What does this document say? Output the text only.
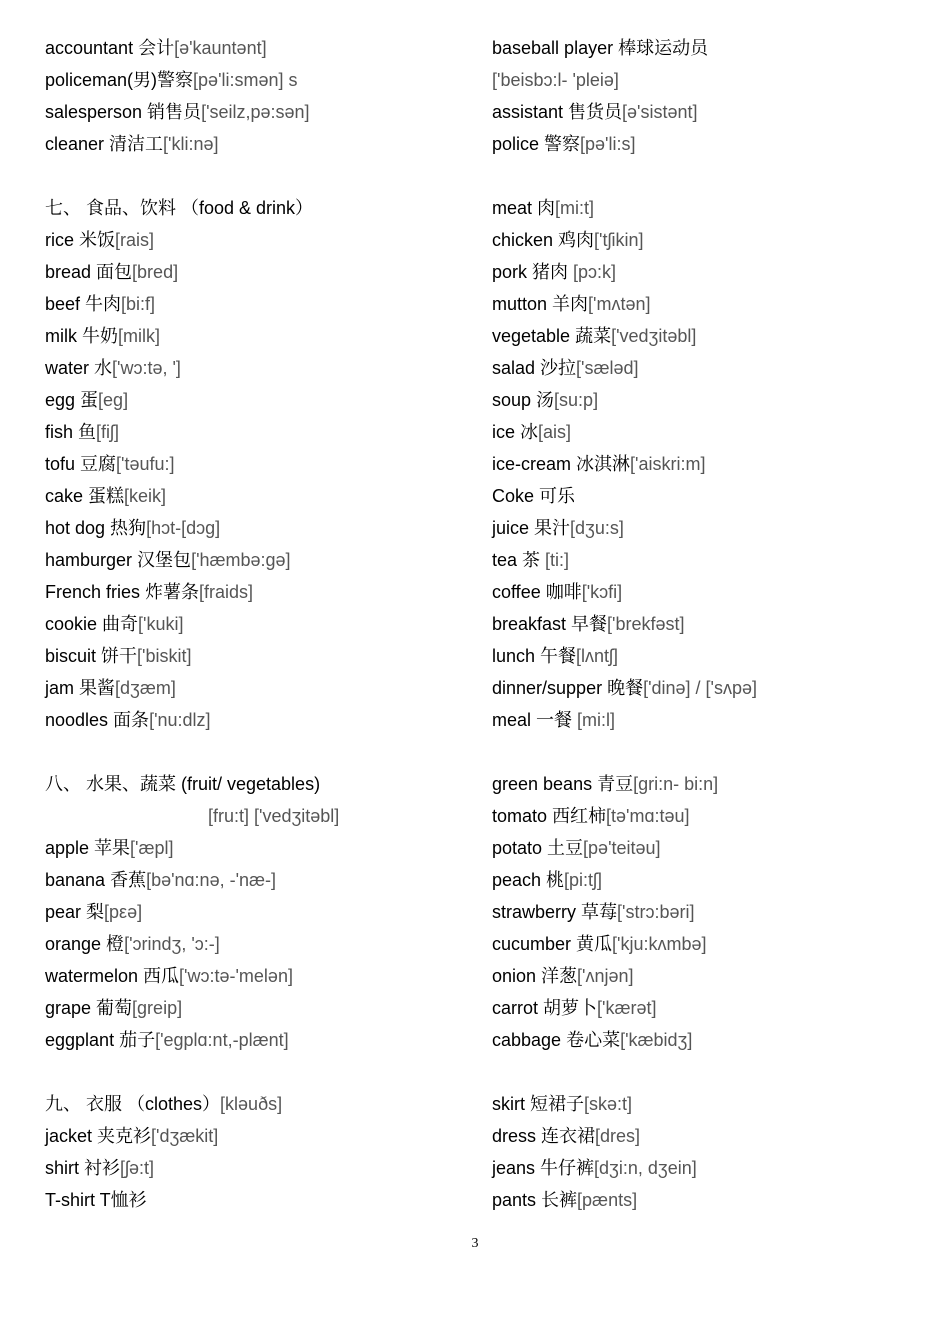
accountant 会计[ə'kauntənt]
policeman(男)警察[pə'li:smən] s
salesperson 销售员['seilz,pə:sən]
cleaner 清洁工['kli:nə]
七、 食品、饮料 （food & drink）
rice 米饭[rais]
bread 面包[bred]
beef 牛肉[bi:f]
milk 牛奶[milk]
water 水['wɔ:tə, ']
egg 蛋[eg]
fish 鱼[fiʃ]
tofu 豆腐['təufu:]
cake 蛋糕[keik]
hot dog 热狗[hɔt-[dɔg]
hamburger 汉堡包['hæmbə:gə]
French fries 炸薯条[fraids]
cookie 曲奇['kuki]
biscuit 饼干['biskit]
jam 果酱[dʒæm]
noodles 面条['nu:dlz]
八、 水果、蔬菜 (fruit/ vegetables)
[fru:t] ['vedʒitəbl]
apple 苹果['æpl]
banana 香蕉[bə'nɑ:nə, -'næ-]
pear 梨[pεə]
orange 橙['ɔrindʒ, 'ɔ:-]
watermelon 西瓜['wɔ:tə-'melən]
grape 葡萄[greip]
eggplant 茄子['egplɑ:nt,-plænt]
九、 衣服 （clothes）[kləuðs]
jacket 夹克衫['dʒækit]
shirt 衬衫[ʃə:t]
T-shirt T恤衫
baseball player 棒球运动员
['beisbɔ:l- 'pleiə]
assistant 售货员[ə'sistənt]
police 警察[pə'li:s]
meat 肉[mi:t]
chicken 鸡肉['tʃikin]
pork 猪肉 [pɔ:k]
mutton 羊肉['mʌtən]
vegetable 蔬菜['vedʒitəbl]
salad 沙拉['sæləd]
soup 汤[su:p]
ice 冰[ais]
ice-cream 冰淇淋['aiskri:m]
Coke 可乐
juice 果汁[dʒu:s]
tea 茶 [ti:]
coffee 咖啡['kɔfi]
breakfast 早餐['brekfəst]
lunch 午餐[lʌntʃ]
dinner/supper 晚餐['dinə] / ['sʌpə]
meal 一餐 [mi:l]
green beans 青豆[gri:n- bi:n]
tomato 西红柿[tə'mɑ:təu]
potato 土豆[pə'teitəu]
peach 桃[pi:tʃ]
strawberry 草莓['strɔ:bəri]
cucumber 黄瓜['kju:kʌmbə]
onion 洋葱['ʌnjən]
carrot 胡萝卜['kærət]
cabbage 卷心菜['kæbidʒ]
skirt 短裙子[skə:t]
dress 连衣裙[dres]
jeans 牛仔裤[dʒi:n, dʒein]
pants 长裤[pænts]
3
